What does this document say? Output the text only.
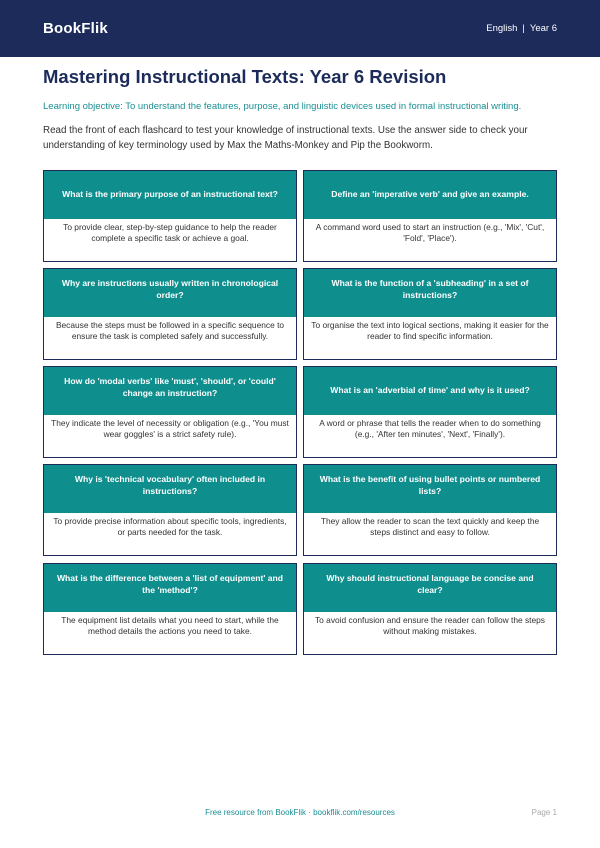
BookFlik	English | Year 6
Mastering Instructional Texts: Year 6 Revision

Learning objective: To understand the features, purpose, and linguistic devices used in formal instructional writing.

Read the front of each flashcard to test your knowledge of instructional texts. Use the answer side to check your understanding of key terminology used by Max the Maths-Monkey and Pip the Bookworm.

What is the primary purpose of an instructional text?
To provide clear, step-by-step guidance to help the reader complete a specific task or achieve a goal.
Define an 'imperative verb' and give an example.
A command word used to start an instruction (e.g., 'Mix', 'Cut', 'Fold', 'Place').
Why are instructions usually written in chronological order?
Because the steps must be followed in a specific sequence to ensure the task is completed safely and successfully.
What is the function of a 'subheading' in a set of instructions?
To organise the text into logical sections, making it easier for the reader to find specific information.
How do 'modal verbs' like 'must', 'should', or 'could' change an instruction?
They indicate the level of necessity or obligation (e.g., 'You must wear goggles' is a strict safety rule).
What is an 'adverbial of time' and why is it used?
A word or phrase that tells the reader when to do something (e.g., 'After ten minutes', 'Next', 'Finally').
Why is 'technical vocabulary' often included in instructions?
To provide precise information about specific tools, ingredients, or parts needed for the task.
What is the benefit of using bullet points or numbered lists?
They allow the reader to scan the text quickly and keep the steps distinct and easy to follow.
What is the difference between a 'list of equipment' and the 'method'?
The equipment list details what you need to start, while the method details the actions you need to take.
Why should instructional language be concise and clear?
To avoid confusion and ensure the reader can follow the steps without making mistakes.
Free resource from BookFlik · bookflik.com/resources	Page 1
